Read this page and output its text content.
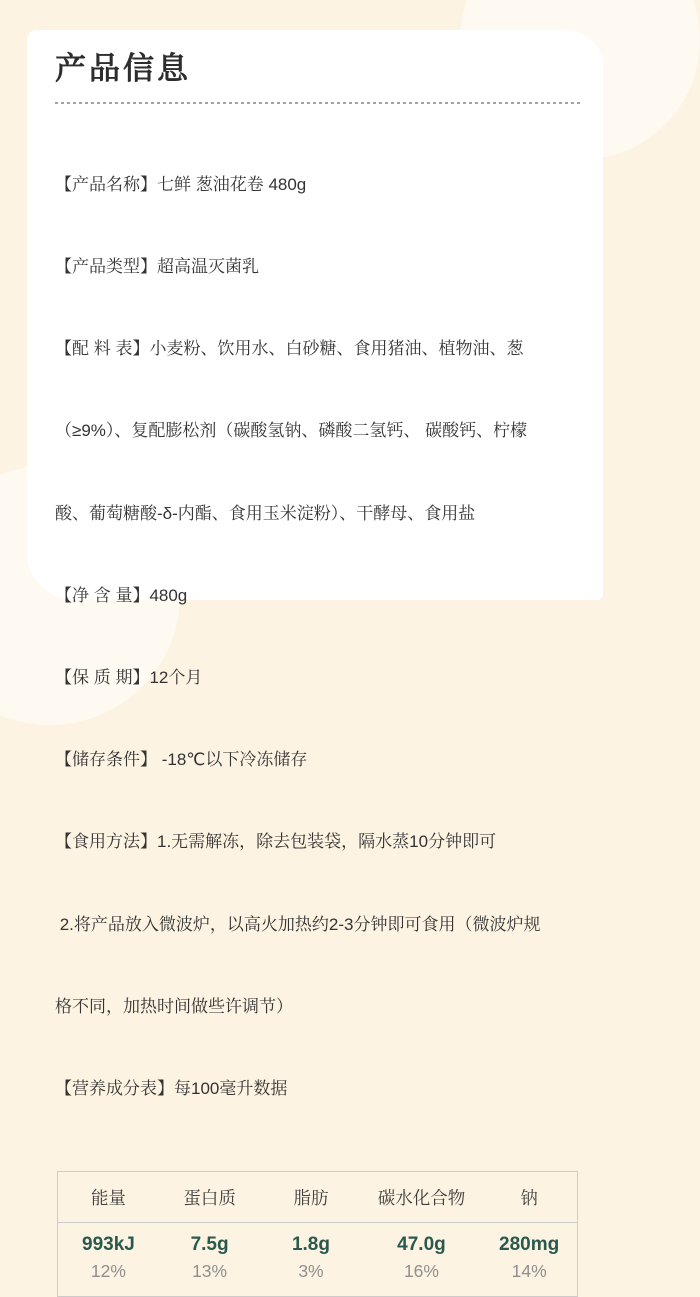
产品信息

【产品名称】七鲜 葱油花卷 480g

【产品类型】超高温灭菌乳

【配 料 表】小麦粉、饮用水、白砂糖、食用猪油、植物油、葱

（≥9%）、复配膨松剂（碳酸氢钠、磷酸二氢钙、 碳酸钙、柠檬

酸、葡萄糖酸-δ-内酯、食用玉米淀粉）、干酵母、食用盐

【净 含 量】480g

【保 质 期】12个月

【储存条件】 -18℃以下冷冻储存

【食用方法】1.无需解冻，除去包装袋，隔水蒸10分钟即可

2.将产品放入微波炉，以高火加热约2-3分钟即可食用（微波炉规

格不同，加热时间做些许调节）

【营养成分表】每100毫升数据

能量	蛋白质	脂肪	碳水化合物	钠
993kJ	7.5g	1.8g	47.0g	280mg
12%	13%	3%	16%	14%
